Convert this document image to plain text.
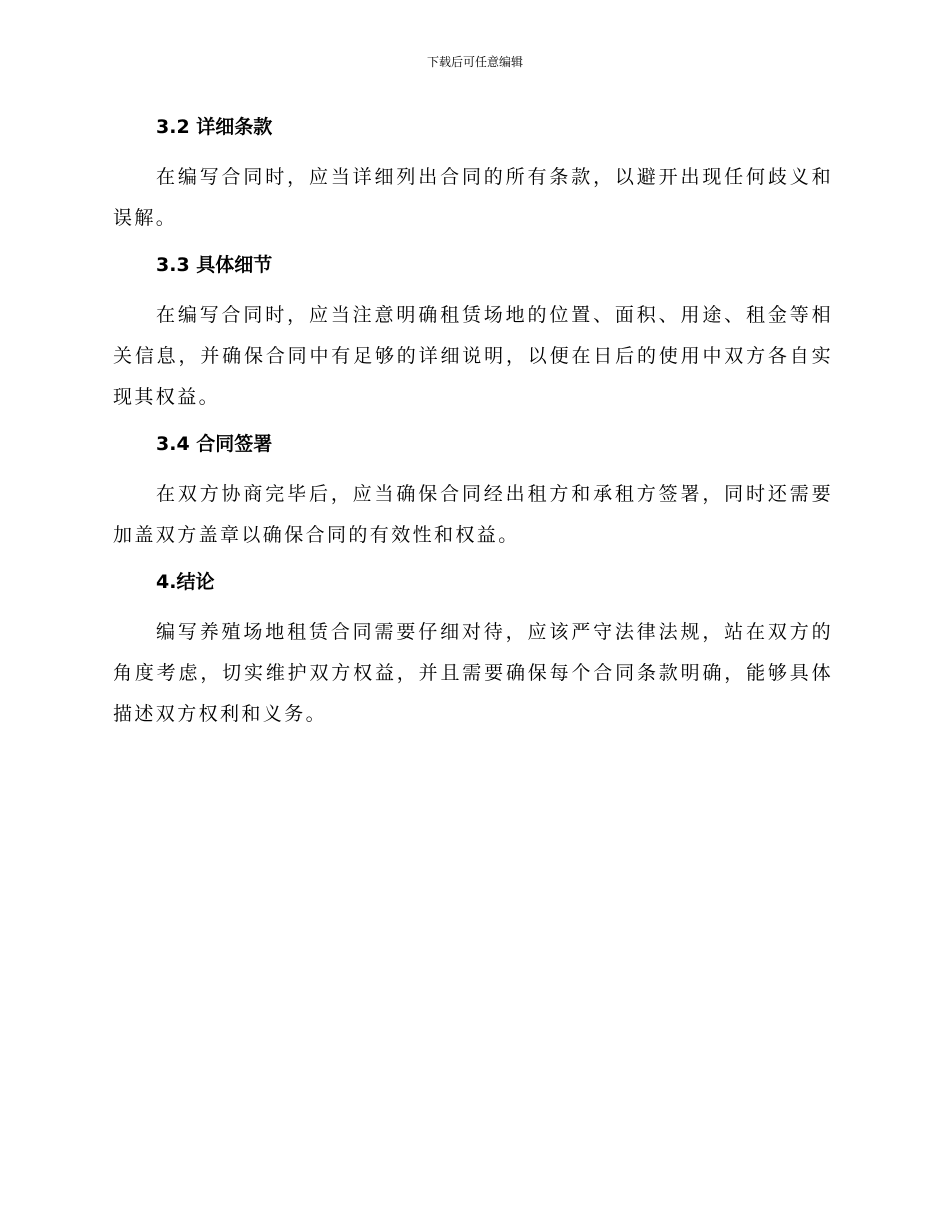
下载后可任意编辑
3.2 详细条款

在编写合同时，应当详细列出合同的所有条款，以避开出现任何歧义和误解。

3.3 具体细节

在编写合同时，应当注意明确租赁场地的位置、面积、用途、租金等相关信息，并确保合同中有足够的详细说明，以便在日后的使用中双方各自实现其权益。

3.4 合同签署

在双方协商完毕后，应当确保合同经出租方和承租方签署，同时还需要加盖双方盖章以确保合同的有效性和权益。

4.结论

编写养殖场地租赁合同需要仔细对待，应该严守法律法规，站在双方的角度考虑，切实维护双方权益，并且需要确保每个合同条款明确，能够具体描述双方权利和义务。
